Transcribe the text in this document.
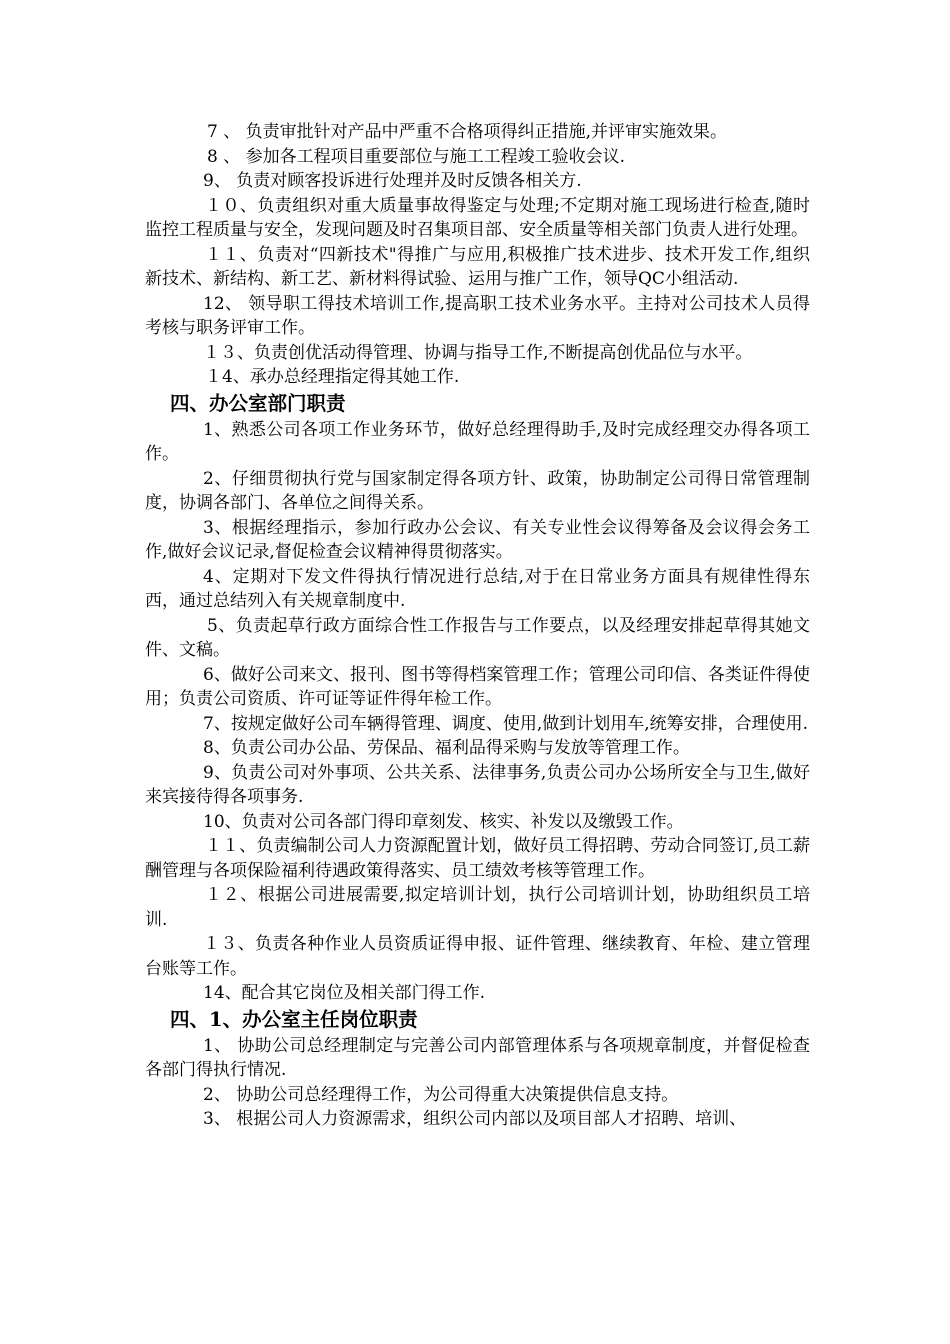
7 、 负责审批针对产品中严重不合格项得纠正措施,并评审实施效果。

8 、 参加各工程项目重要部位与施工工程竣工验收会议.

9、 负责对顾客投诉进行处理并及时反馈各相关方.

１０、负责组织对重大质量事故得鉴定与处理;不定期对施工现场进行检查,随时监控工程质量与安全，发现问题及时召集项目部、安全质量等相关部门负责人进行处理。

１１、负责对“四新技术"得推广与应用,积极推广技术进步、技术开发工作,组织新技术、新结构、新工艺、新材料得试验、运用与推广工作，领导QC小组活动.

12、 领导职工得技术培训工作,提高职工技术业务水平。主持对公司技术人员得考核与职务评审工作。

１３、负责创优活动得管理、协调与指导工作,不断提高创优品位与水平。

１4、承办总经理指定得其她工作.

四、办公室部门职责

1、熟悉公司各项工作业务环节，做好总经理得助手,及时完成经理交办得各项工作。

2、仔细贯彻执行党与国家制定得各项方针、政策，协助制定公司得日常管理制度，协调各部门、各单位之间得关系。

3、根据经理指示，参加行政办公会议、有关专业性会议得筹备及会议得会务工作,做好会议记录,督促检查会议精神得贯彻落实。

4、定期对下发文件得执行情况进行总结,对于在日常业务方面具有规律性得东西，通过总结列入有关规章制度中.

5、负责起草行政方面综合性工作报告与工作要点，以及经理安排起草得其她文件、文稿。

6、做好公司来文、报刊、图书等得档案管理工作；管理公司印信、各类证件得使用；负责公司资质、许可证等证件得年检工作。

7、按规定做好公司车辆得管理、调度、使用,做到计划用车,统筹安排，合理使用.

8、负责公司办公品、劳保品、福利品得采购与发放等管理工作。

9、负责公司对外事项、公共关系、法律事务,负责公司办公场所安全与卫生,做好来宾接待得各项事务.

10、负责对公司各部门得印章刻发、核实、补发以及缴毁工作。

１１、负责编制公司人力资源配置计划，做好员工得招聘、劳动合同签订,员工薪酬管理与各项保险福利待遇政策得落实、员工绩效考核等管理工作。

１２、根据公司进展需要,拟定培训计划，执行公司培训计划，协助组织员工培训.

１３、负责各种作业人员资质证得申报、证件管理、继续教育、年检、建立管理台账等工作。

14、配合其它岗位及相关部门得工作.

四、1、办公室主任岗位职责

1、 协助公司总经理制定与完善公司内部管理体系与各项规章制度，并督促检查各部门得执行情况.

2、 协助公司总经理得工作，为公司得重大决策提供信息支持。

3、 根据公司人力资源需求，组织公司内部以及项目部人才招聘、培训、
